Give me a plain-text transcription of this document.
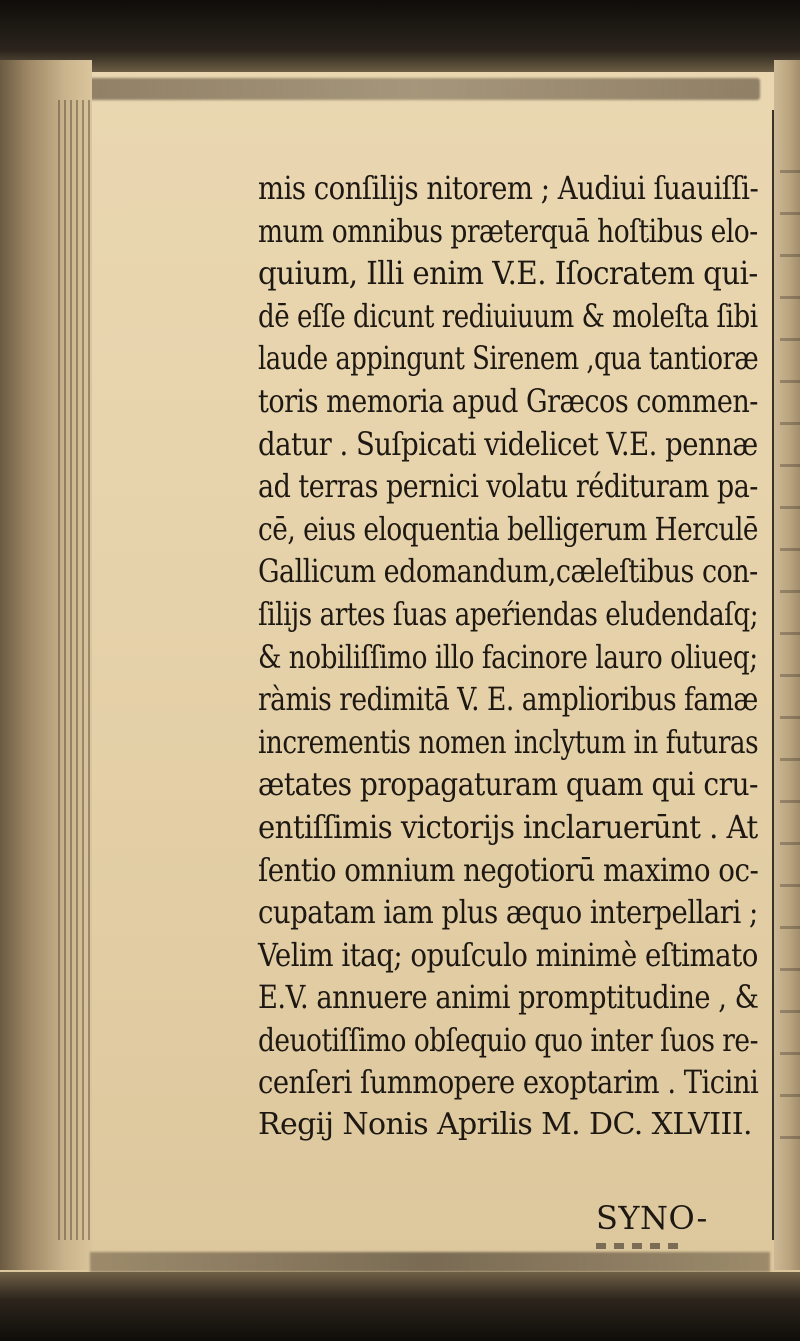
mis conſilijs nitorem ; Audiui ſuauiſſi-
mum omnibus præterquā hoſtibus elo-
quium, Illi enim V.E. Iſocratem qui-
dē eſſe dicunt rediuiuum & moleſta ſibi
laude appingunt Sirenem ,qua tantioræ
toris memoria apud Græcos commen-
datur . Suſpicati videlicet V.E. pennæ
ad terras pernici volatu rédituram pa-
cē, eius eloquentia belligerum Herculē
Gallicum edomandum,cæleſtibus con-
ſilijs artes ſuas apeŕiendas eludendaſq;
& nobiliſſimo illo facinore lauro oliueq;
ràmis redimitā V. E. amplioribus famæ
incrementis nomen inclytum in futuras
ætates propagaturam quam qui cru-
entiſſimis victorijs inclaruerūnt . At
ſentio omnium negotiorū maximo oc-
cupatam iam plus æquo interpellari ;
Velim itaq; opuſculo minimè eſtimato
E.V. annuere animi promptitudine , &
deuotiſſimo obſequio quo inter ſuos re-
cenſeri ſummopere exoptarim . Ticini
Regij Nonis Aprilis M. DC. XLVIII.
SYNO-
